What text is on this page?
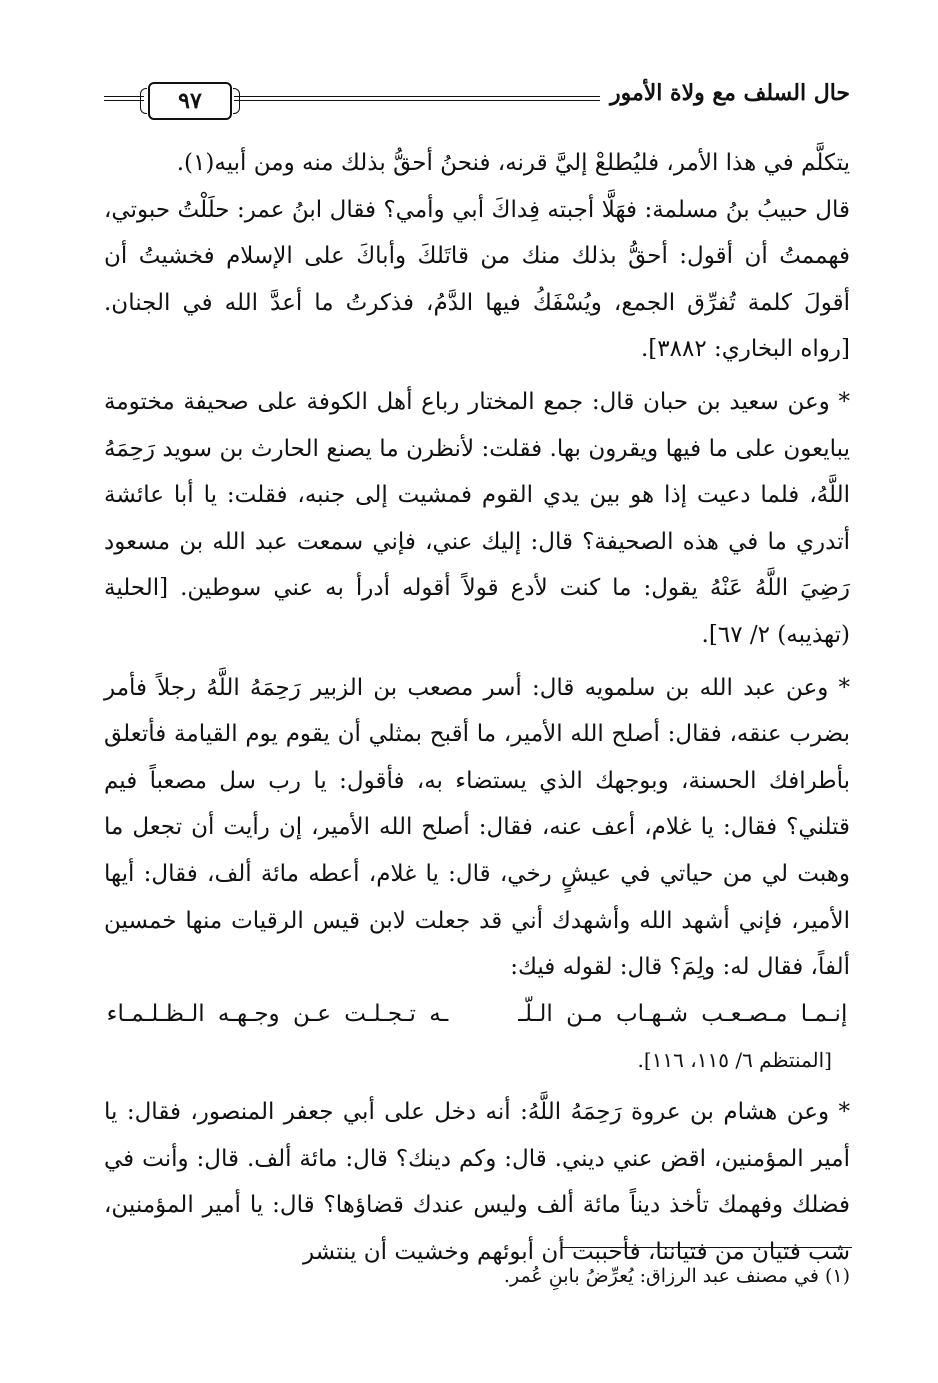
حال السلف مع ولاة الأمور
٩٧

يتكلَّم في هذا الأمر، فليُطلعْ إليَّ قرنه، فنحنُ أحقُّ بذلك منه ومن أبيه(١).

قال حبيبُ بنُ مسلمة: فهَلَّا أجبته فِداكَ أبي وأمي؟ فقال ابنُ عمر: حلَلْتُ حبوتي، فهممتُ أن أقول: أحقُّ بذلك منك من قاتَلكَ وأباكَ على الإسلام فخشيتُ أن أقولَ كلمة تُفرِّق الجمع، ويُسْفَكُ فيها الدَّمُ، فذكرتُ ما أعدَّ الله في الجنان. [رواه البخاري: ٣٨٨٢].

* وعن سعيد بن حبان قال: جمع المختار رباع أهل الكوفة على صحيفة مختومة يبايعون على ما فيها ويقرون بها. فقلت: لأنظرن ما يصنع الحارث بن سويد رَحِمَهُ اللَّهُ، فلما دعيت إذا هو بين يدي القوم فمشيت إلى جنبه، فقلت: يا أبا عائشة أتدري ما في هذه الصحيفة؟ قال: إليك عني، فإني سمعت عبد الله بن مسعود رَضِيَ اللَّهُ عَنْهُ يقول: ما كنت لأدع قولاً أقوله أدرأ به عني سوطين. [الحلية (تهذيبه) ٢/ ٦٧].

* وعن عبد الله بن سلمويه قال: أسر مصعب بن الزبير رَحِمَهُ اللَّهُ رجلاً فأمر بضرب عنقه، فقال: أصلح الله الأمير، ما أقبح بمثلي أن يقوم يوم القيامة فأتعلق بأطرافك الحسنة، وبوجهك الذي يستضاء به، فأقول: يا رب سل مصعباً فيم قتلني؟ فقال: يا غلام، أعف عنه، فقال: أصلح الله الأمير، إن رأيت أن تجعل ما وهبت لي من حياتي في عيشٍ رخي، قال: يا غلام، أعطه مائة ألف، فقال: أيها الأمير، فإني أشهد الله وأشهدك أني قد جعلت لابن قيس الرقيات منها خمسين ألفاً، فقال له: ولِمَ؟ قال: لقوله فيك:

إنـمـا مـصـعـب شـهـاب مـن الـلّــه تـجـلـت عـن وجـهـه الـظـلـمـاء

[المنتظم ٦/ ١١٥، ١١٦].

* وعن هشام بن عروة رَحِمَهُ اللَّهُ: أنه دخل على أبي جعفر المنصور، فقال: يا أمير المؤمنين، اقض عني ديني. قال: وكم دينك؟ قال: مائة ألف. قال: وأنت في فضلك وفهمك تأخذ ديناً مائة ألف وليس عندك قضاؤها؟ قال: يا أمير المؤمنين، شب فتيان من فتياننا، فأحببت أن أبوئهم وخشيت أن ينتشر

(١) في مصنف عبد الرزاق: يُعرِّضُ بابنِ عُمر.
